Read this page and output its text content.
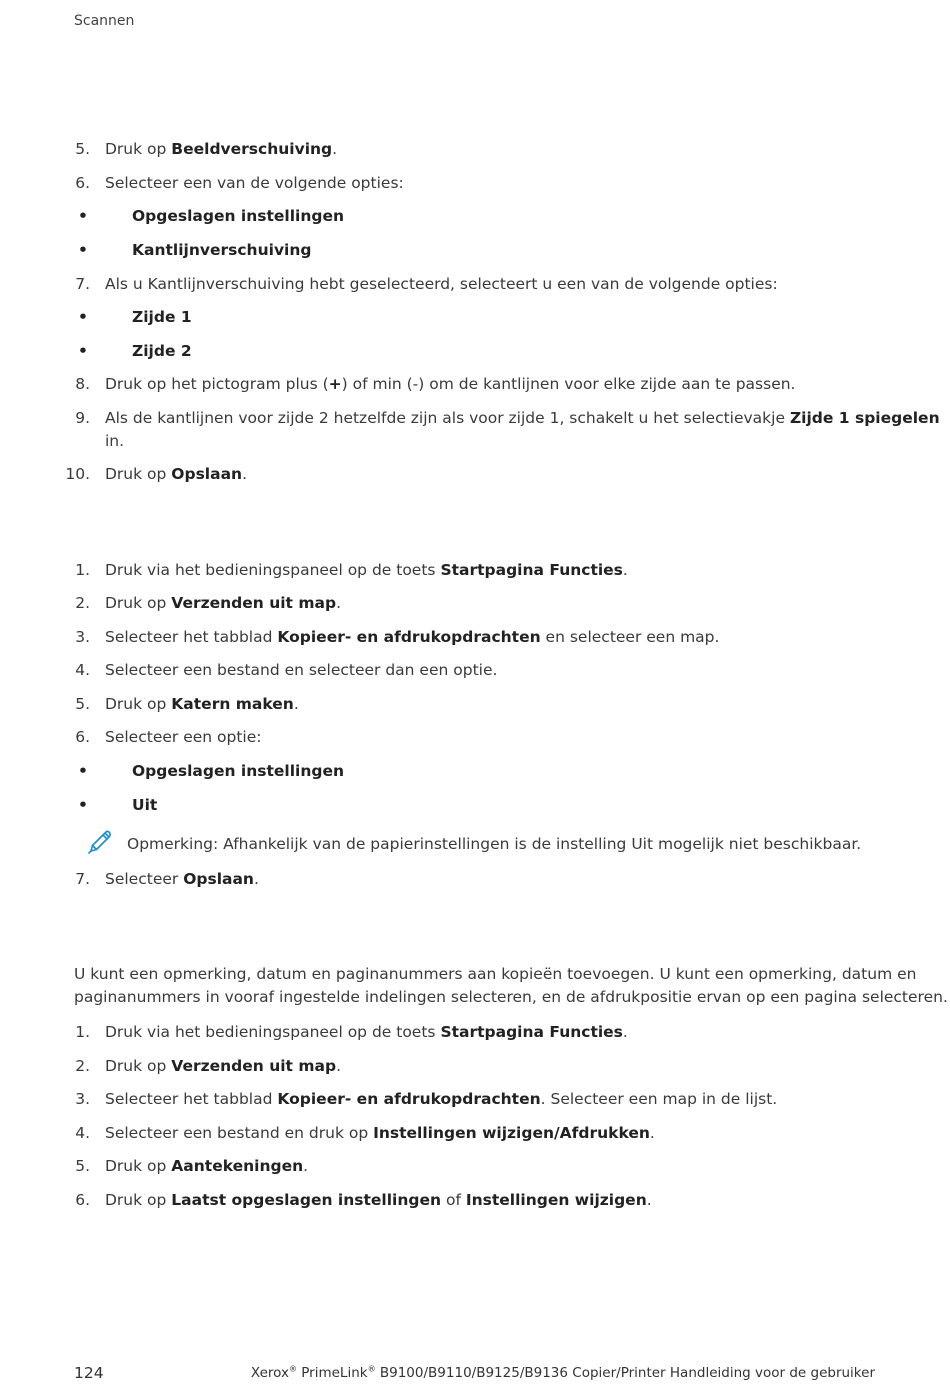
Scannen
5. Druk op Beeldverschuiving.
6. Selecteer een van de volgende opties:
•	Opgeslagen instellingen
•	Kantlijnverschuiving
7. Als u Kantlijnverschuiving hebt geselecteerd, selecteert u een van de volgende opties:
•	Zijde 1
•	Zijde 2
8. Druk op het pictogram plus (+) of min (-) om de kantlijnen voor elke zijde aan te passen.
9. Als de kantlijnen voor zijde 2 hetzelfde zijn als voor zijde 1, schakelt u het selectievakje Zijde 1 spiegelen
in.
10. Druk op Opslaan.
1. Druk via het bedieningspaneel op de toets Startpagina Functies.
2. Druk op Verzenden uit map.
3. Selecteer het tabblad Kopieer- en afdrukopdrachten en selecteer een map.
4. Selecteer een bestand en selecteer dan een optie.
5. Druk op Katern maken.
6. Selecteer een optie:
•	Opgeslagen instellingen
•	Uit
Opmerking: Afhankelijk van de papierinstellingen is de instelling Uit mogelijk niet beschikbaar.
7. Selecteer Opslaan.
U kunt een opmerking, datum en paginanummers aan kopieën toevoegen. U kunt een opmerking, datum en
paginanummers in vooraf ingestelde indelingen selecteren, en de afdrukpositie ervan op een pagina selecteren.
1. Druk via het bedieningspaneel op de toets Startpagina Functies.
2. Druk op Verzenden uit map.
3. Selecteer het tabblad Kopieer- en afdrukopdrachten. Selecteer een map in de lijst.
4. Selecteer een bestand en druk op Instellingen wijzigen/Afdrukken.
5. Druk op Aantekeningen.
6. Druk op Laatst opgeslagen instellingen of Instellingen wijzigen.
124	Xerox® PrimeLink® B9100/B9110/B9125/B9136 Copier/Printer Handleiding voor de gebruiker
